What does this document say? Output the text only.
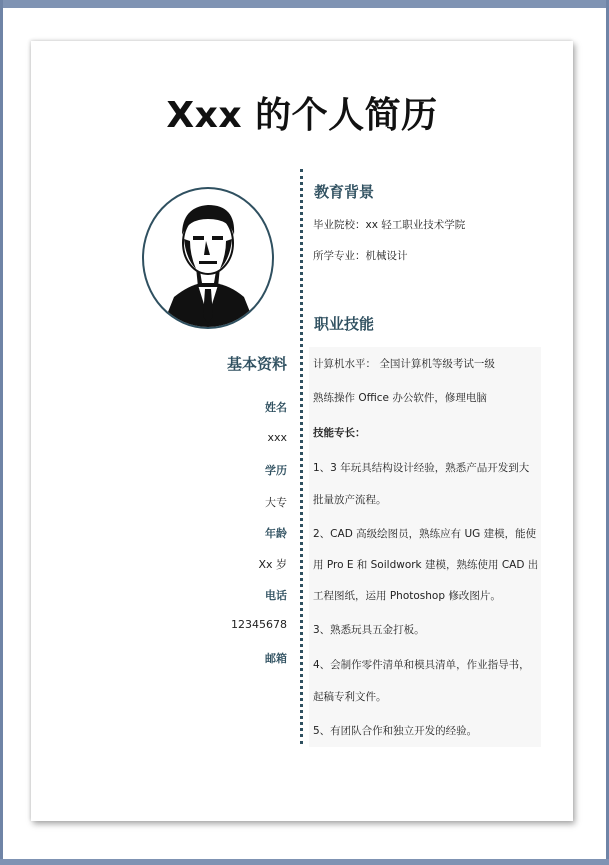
Xxx 的个人简历
基本资料
姓名
xxx
学历
大专
年龄
Xx 岁
电话
12345678
邮箱
教育背景
毕业院校：xx 轻工职业技术学院
所学专业：机械设计
职业技能
计算机水平： 全国计算机等级考试一级
熟练操作 Office 办公软件，修理电脑
技能专长：
1、3 年玩具结构设计经验，熟悉产品开发到大
批量放产流程。
2、CAD 高级绘图员，熟练应有 UG 建模，能使
用 Pro E 和 Soildwork 建模，熟练使用 CAD 出
工程图纸，运用 Photoshop 修改图片。
3、熟悉玩具五金打板。
4、会制作零件清单和模具清单，作业指导书，
起稿专利文件。
5、有团队合作和独立开发的经验。
